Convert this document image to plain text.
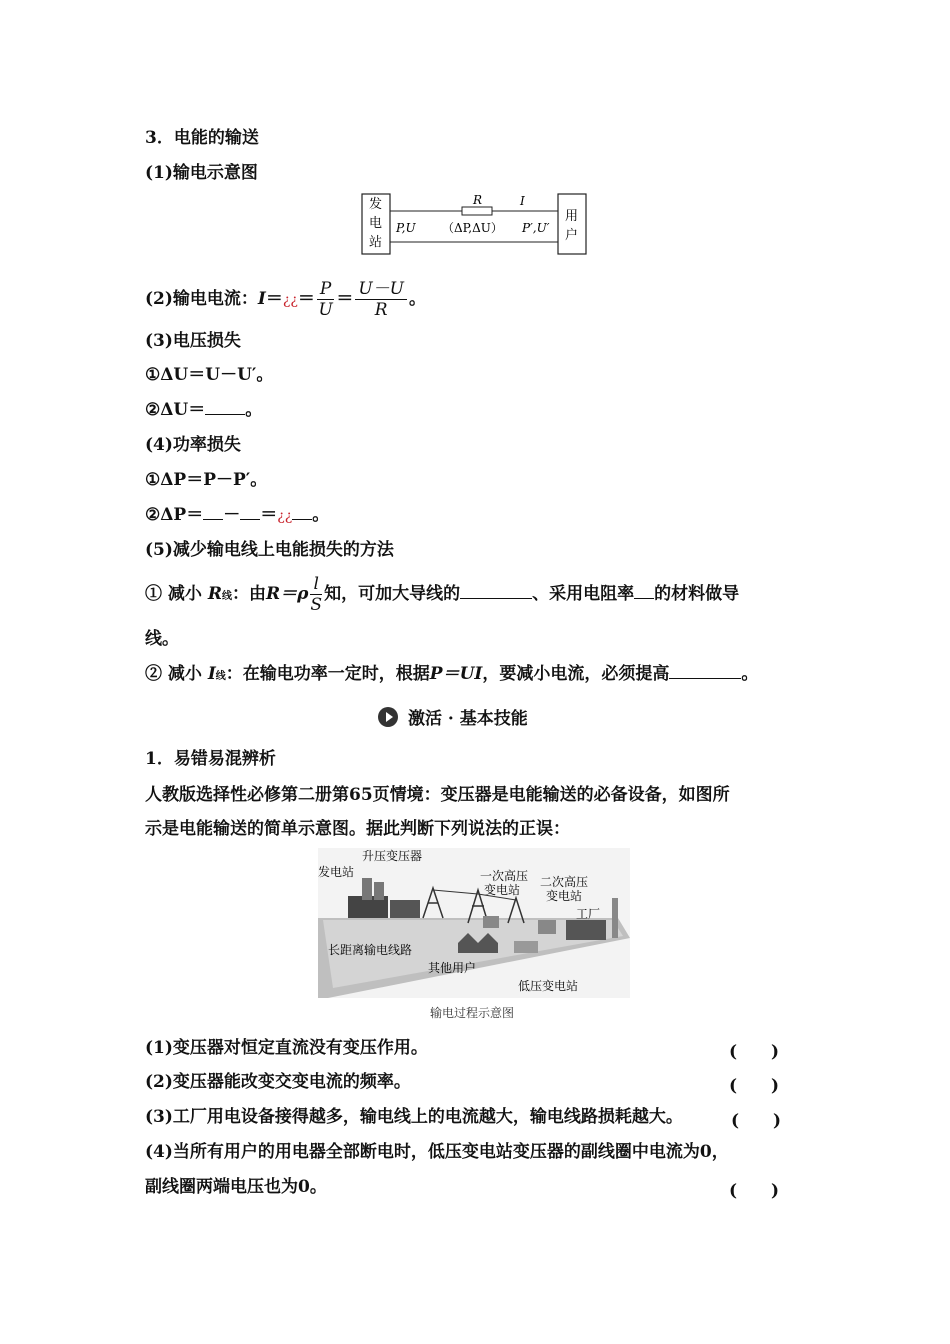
3．电能的输送
(1)输电示意图
发
电
站
用
户
R	I
P,U （ΔP,ΔU） P′,U′
(2)输电电流：I＝¿¿＝ $\frac{P}{U} = \frac{U-U}{R}$ 。
(3)电压损失
①ΔU＝U－U′。
②ΔU＝ 。
(4)功率损失
①ΔP＝P－P′。
②ΔP＝ － ＝¿¿ 。
(5)减少输电线上电能损失的方法
① 减小 R线：由$R=\rho \frac{l}{S}$ 知，可加大导线的	、采用电阻率 的材料做导
线。
② 减小 I线：在输电功率一定时，根据P＝UI，要减小电流，必须提高	。
激活 · 基本技能
1．易错易混辨析
人教版选择性必修第二册第65页情境：变压器是电能输送的必备设备，如图所
示是电能输送的简单示意图。据此判断下列说法的正误：
升压变压器
发电站	一次高压
变电站
二次高压
变电站
工厂
长距离输电线路
其他用户
低压变电站
输电过程示意图
(1)变压器对恒定直流没有变压作用。	(　　)
(2)变压器能改变交变电流的频率。	(　　)
(3)工厂用电设备接得越多，输电线上的电流越大，输电线路损耗越大。	(　　)
(4)当所有用户的用电器全部断电时，低压变电站变压器的副线圈中电流为0，
副线圈两端电压也为0。	(　　)
